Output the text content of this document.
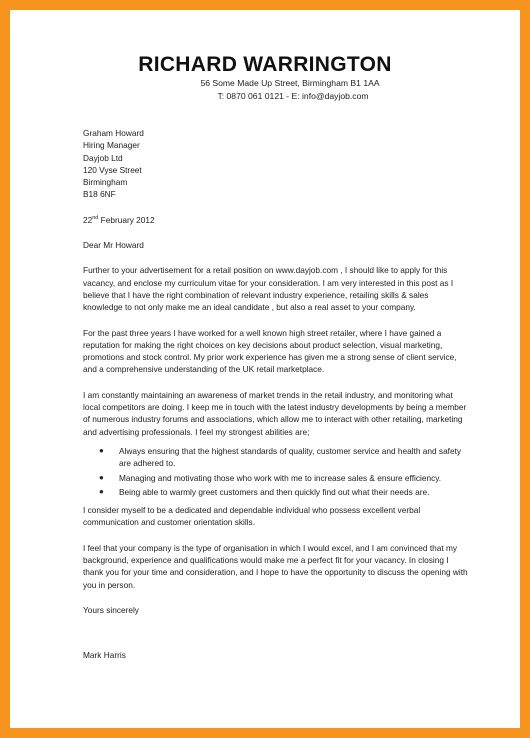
RICHARD WARRINGTON
56 Some Made Up Street, Birmingham B1 1AA
T: 0870 061 0121 - E: info@dayjob.com
Graham Howard
Hiring Manager
Dayjob Ltd
120 Vyse Street
Birmingham
B18 6NF
22nd February 2012

Dear Mr Howard

Further to your advertisement for a retail position on www.dayjob.com , I should like to apply for this vacancy, and enclose my curriculum vitae for your consideration. I am very interested in this post as I believe that I have the right combination of relevant industry experience, retailing skills & sales knowledge to not only make me an ideal candidate , but also a real asset to your company.

For the past three years I have worked for a well known high street retailer, where I have gained a reputation for making the right choices on key decisions about product selection, visual marketing, promotions and stock control. My prior work experience has given me a strong sense of client service, and a comprehensive understanding of the UK retail marketplace.

I am constantly maintaining an awareness of market trends in the retail industry, and monitoring what local competitors are doing. I keep me in touch with the latest industry developments by being a member of numerous industry forums and associations, which allow me to interact with other retailing, marketing and advertising professionals. I feel my strongest abilities are;

● Always ensuring that the highest standards of quality, customer service and health and safety are adhered to.
● Managing and motivating those who work with me to increase sales & ensure efficiency.
● Being able to warmly greet customers and then quickly find out what their needs are.

I consider myself to be a dedicated and dependable individual who possess excellent verbal communication and customer orientation skills.

I feel that your company is the type of organisation in which I would excel, and I am convinced that my background, experience and qualifications would make me a perfect fit for your vacancy. In closing I thank you for your time and consideration, and I hope to have the opportunity to discuss the opening with you in person.

Yours sincerely

Mark Harris
